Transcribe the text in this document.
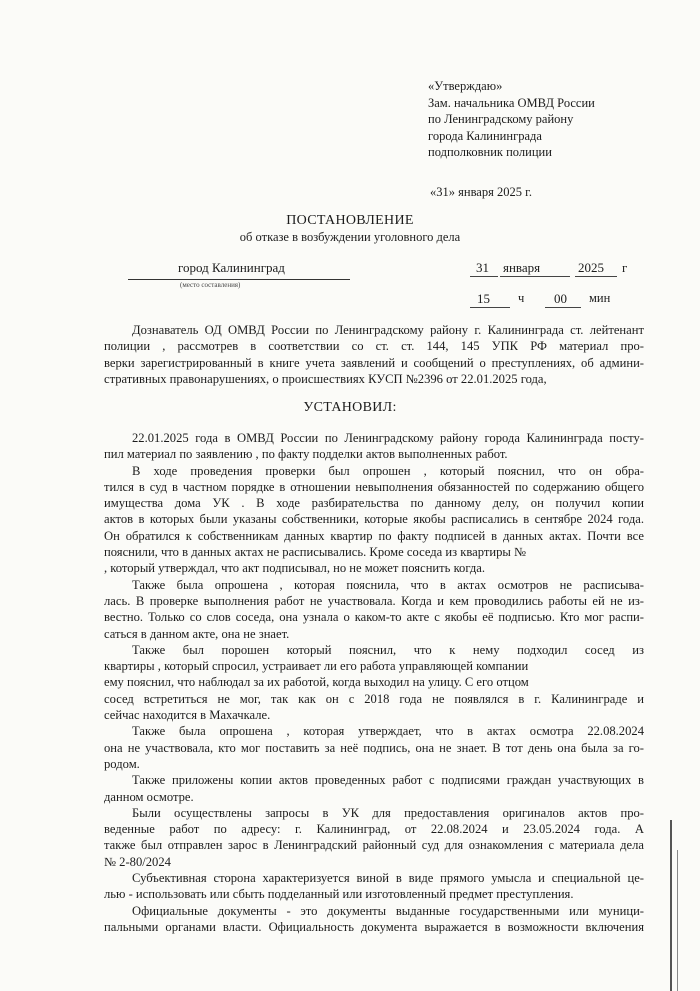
«Утверждаю»
Зам. начальника ОМВД России
по Ленинградскому району
города Калининграда
подполковник полиции
«31» января 2025 г.
ПОСТАНОВЛЕНИЕ
об отказе в возбуждении уголовного дела
город Калининград
(место составления)
31 января	2025 г
15 ч 00 мин
Дознаватель ОД ОМВД России по Ленинградскому району г. Калининграда ст. лейтенант
полиции , рассмотрев в соответствии со ст. ст. 144, 145 УПК РФ материал про-
верки зарегистрированный в книге учета заявлений и сообщений о преступлениях, об админи-
стративных правонарушениях, о происшествиях КУСП №2396 от 22.01.2025 года,
УСТАНОВИЛ:
22.01.2025 года в ОМВД России по Ленинградскому району города Калининграда посту-
пил материал по заявлению , по факту подделки актов выполненных работ.
В ходе проведения проверки был опрошен , который пояснил, что он обра-
тился в суд в частном порядке в отношении невыполнения обязанностей по содержанию общего
имущества дома УК . В ходе разбирательства по данному делу, он получил копии
актов в которых были указаны собственники, которые якобы расписались в сентябре 2024 года.
Он обратился к собственникам данных квартир по факту подписей в данных актах. Почти все
пояснили, что в данных актах не расписывались. Кроме соседа из квартиры №
, который утверждал, что акт подписывал, но не может пояснить когда.
Также была опрошена , которая пояснила, что в актах осмотров не расписыва-
лась. В проверке выполнения работ не участвовала. Когда и кем проводились работы ей не из-
вестно. Только со слов соседа, она узнала о каком-то акте с якобы её подписью. Кто мог распи-
саться в данном акте, она не знает.
Также был порошен который пояснил, что к нему подходил сосед из
квартиры , который спросил, устраивает ли его работа управляющей компании
ему пояснил, что наблюдал за их работой, когда выходил на улицу. С его отцом
сосед встретиться не мог, так как он с 2018 года не появлялся в г. Калининграде и
сейчас находится в Махачкале.
Также была опрошена , которая утверждает, что в актах осмотра 22.08.2024
она не участвовала, кто мог поставить за неё подпись, она не знает. В тот день она была за го-
родом.
Также приложены копии актов проведенных работ с подписями граждан участвующих в
данном осмотре.
Были осуществлены запросы в УК для предоставления оригиналов актов про-
веденные работ по адресу: г. Калининград, от 22.08.2024 и 23.05.2024 года. А
также был отправлен зарос в Ленинградский районный суд для ознакомления с материала дела
№ 2-80/2024
Субъективная сторона характеризуется виной в виде прямого умысла и специальной це-
лью - использовать или сбыть подделанный или изготовленный предмет преступления.
Официальные документы - это документы выданные государственными или муници-
пальными органами власти. Официальность документа выражается в возможности включения
